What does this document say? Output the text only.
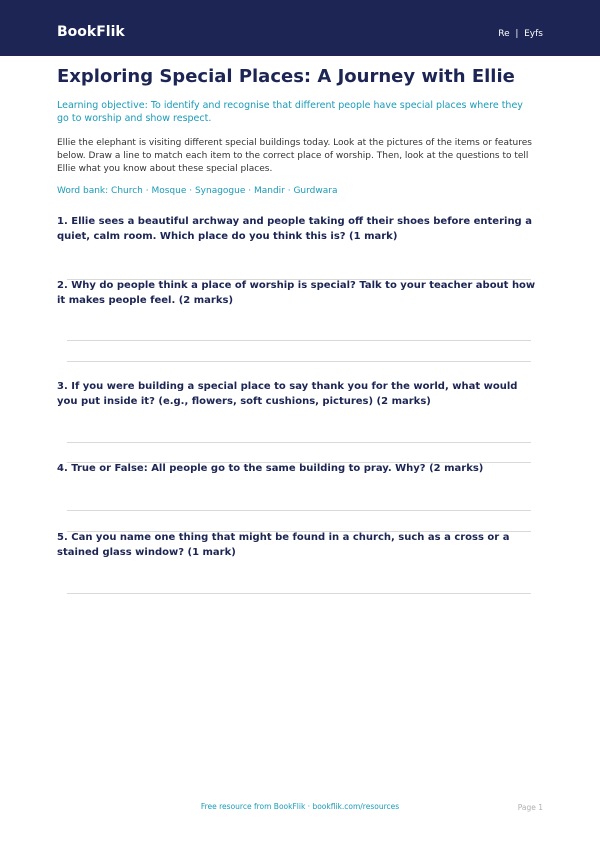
BookFlik	Re | Eyfs
Exploring Special Places: A Journey with Ellie

Learning objective: To identify and recognise that different people have special places where they go to worship and show respect.

Ellie the elephant is visiting different special buildings today. Look at the pictures of the items or features below. Draw a line to match each item to the correct place of worship. Then, look at the questions to tell Ellie what you know about these special places.

Word bank: Church · Mosque · Synagogue · Mandir · Gurdwara

1. Ellie sees a beautiful archway and people taking off their shoes before entering a quiet, calm room. Which place do you think this is? (1 mark)

2. Why do people think a place of worship is special? Talk to your teacher about how it makes people feel. (2 marks)

3. If you were building a special place to say thank you for the world, what would you put inside it? (e.g., flowers, soft cushions, pictures) (2 marks)

4. True or False: All people go to the same building to pray. Why? (2 marks)

5. Can you name one thing that might be found in a church, such as a cross or a stained glass window? (1 mark)

Free resource from BookFlik · bookflik.com/resources	Page 1
